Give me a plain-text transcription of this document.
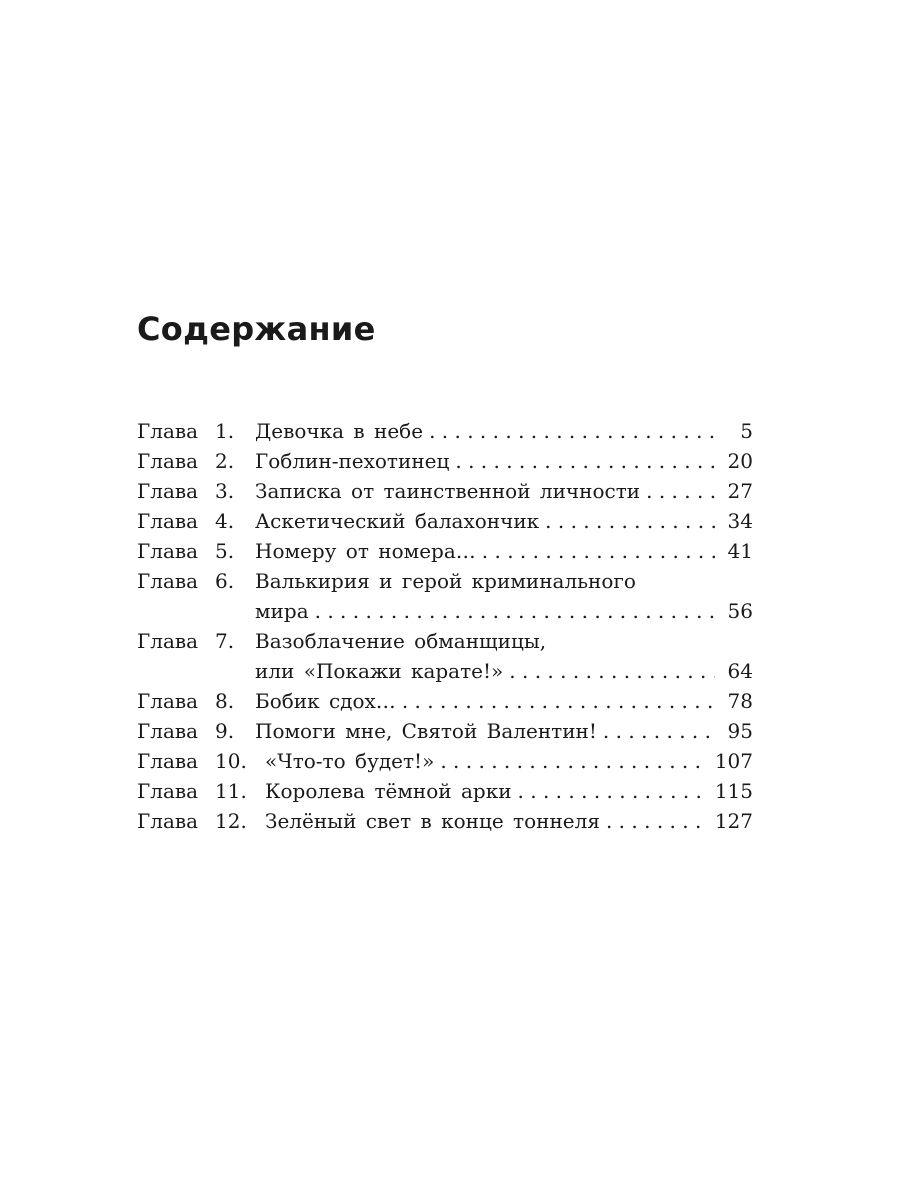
Содержание
Глава 1.	Девочка в небе . . .	5
Глава 2.	Гоблин-пехотинец . . .	20
Глава 3.	Записка от таинственной личности . . .	27
Глава 4.	Аскетический балахончик . . .	34
Глава 5.	Номеру от номера… . . .	41
Глава 6.	Валькирия и герой криминального
мира . . .	56
Глава 7.	Вазоблачение обманщицы,
или «Покажи карате!» . . .	64
Глава 8.	Бобик сдох… . . .	78
Глава 9.	Помоги мне, Святой Валентин! . . .	95
Глава 10. «Что-то будет!» . . .	107
Глава 11. Королева тёмной арки . . .	115
Глава 12. Зелёный свет в конце тоннеля . . .	127
